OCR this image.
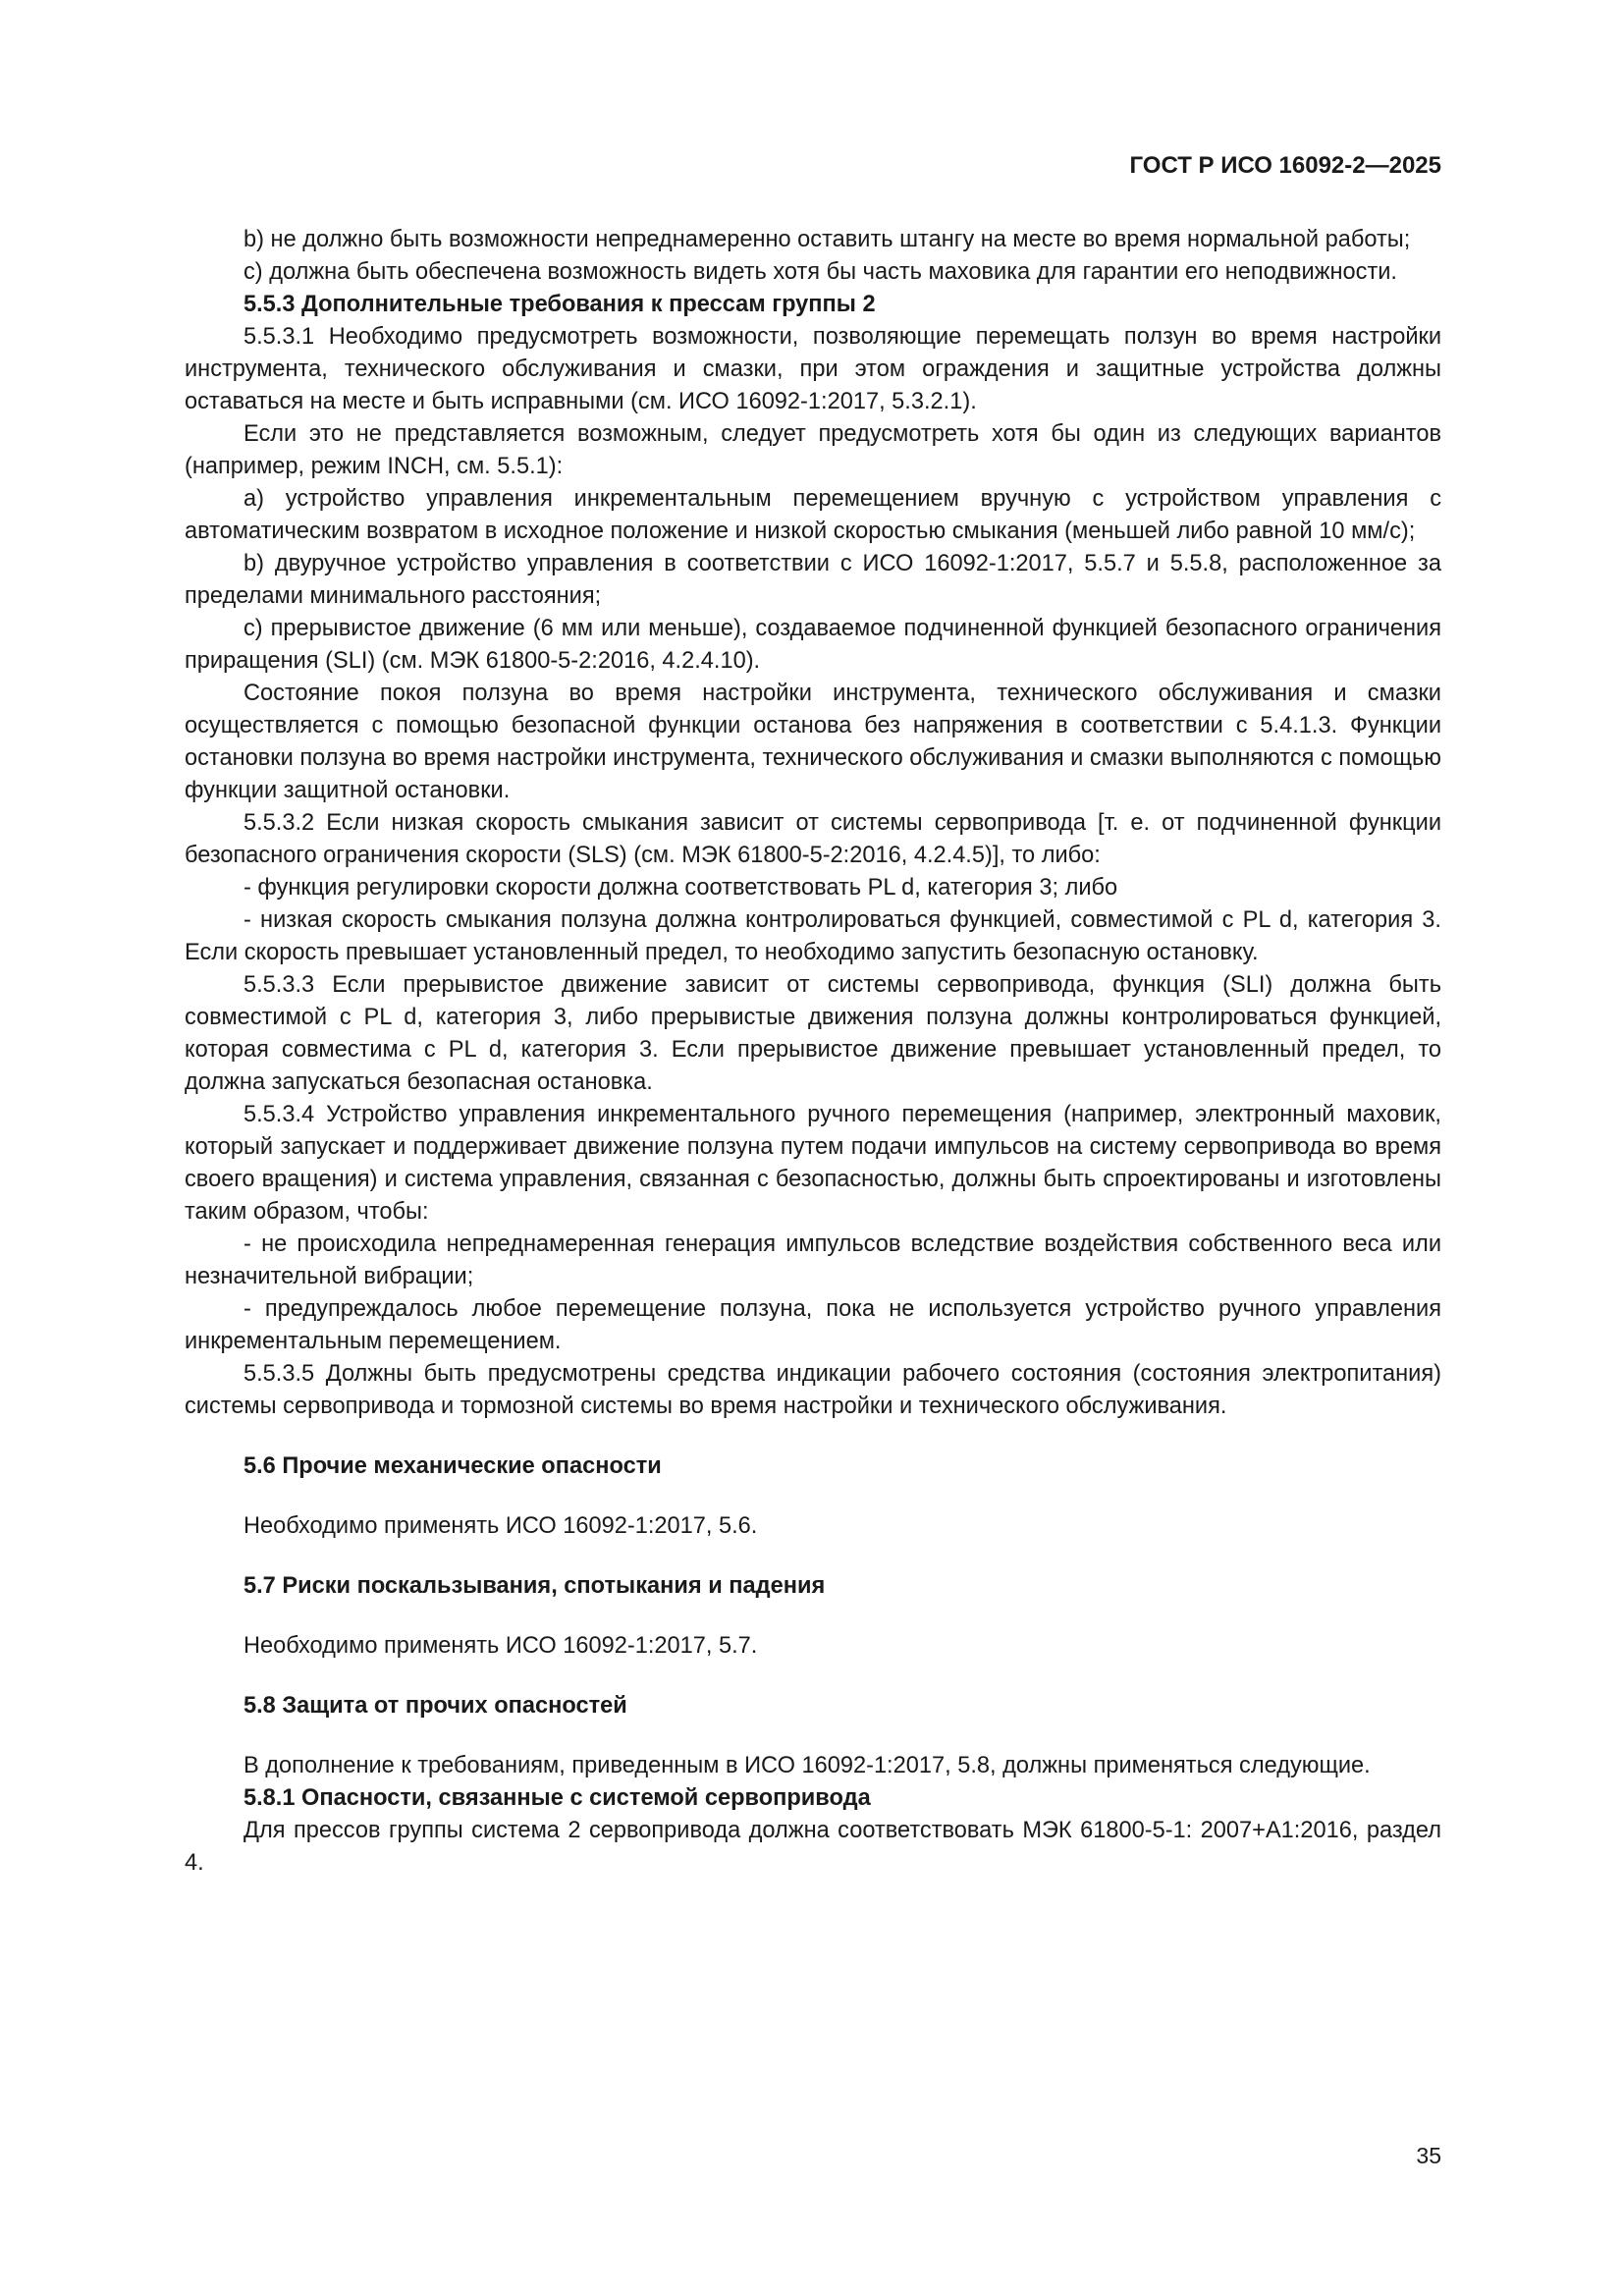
ГОСТ Р ИСО 16092-2—2025

b) не должно быть возможности непреднамеренно оставить штангу на месте во время нормальной работы;

c) должна быть обеспечена возможность видеть хотя бы часть маховика для гарантии его неподвижности.

5.5.3 Дополнительные требования к прессам группы 2

5.5.3.1 Необходимо предусмотреть возможности, позволяющие перемещать ползун во время настройки инструмента, технического обслуживания и смазки, при этом ограждения и защитные устройства должны оставаться на месте и быть исправными (см. ИСО 16092-1:2017, 5.3.2.1).

Если это не представляется возможным, следует предусмотреть хотя бы один из следующих вариантов (например, режим INCH, см. 5.5.1):

a) устройство управления инкрементальным перемещением вручную с устройством управления с автоматическим возвратом в исходное положение и низкой скоростью смыкания (меньшей либо равной 10 мм/с);

b) двуручное устройство управления в соответствии с ИСО 16092-1:2017, 5.5.7 и 5.5.8, расположенное за пределами минимального расстояния;

c) прерывистое движение (6 мм или меньше), создаваемое подчиненной функцией безопасного ограничения приращения (SLI) (см. МЭК 61800-5-2:2016, 4.2.4.10).

Состояние покоя ползуна во время настройки инструмента, технического обслуживания и смазки осуществляется с помощью безопасной функции останова без напряжения в соответствии с 5.4.1.3. Функции остановки ползуна во время настройки инструмента, технического обслуживания и смазки выполняются с помощью функции защитной остановки.

5.5.3.2 Если низкая скорость смыкания зависит от системы сервопривода [т. е. от подчиненной функции безопасного ограничения скорости (SLS) (см. МЭК 61800-5-2:2016, 4.2.4.5)], то либо:

- функция регулировки скорости должна соответствовать PL d, категория 3; либо

- низкая скорость смыкания ползуна должна контролироваться функцией, совместимой с PL d, категория 3. Если скорость превышает установленный предел, то необходимо запустить безопасную остановку.

5.5.3.3 Если прерывистое движение зависит от системы сервопривода, функция (SLI) должна быть совместимой с PL d, категория 3, либо прерывистые движения ползуна должны контролироваться функцией, которая совместима с PL d, категория 3. Если прерывистое движение превышает установленный предел, то должна запускаться безопасная остановка.

5.5.3.4 Устройство управления инкрементального ручного перемещения (например, электронный маховик, который запускает и поддерживает движение ползуна путем подачи импульсов на систему сервопривода во время своего вращения) и система управления, связанная с безопасностью, должны быть спроектированы и изготовлены таким образом, чтобы:

- не происходила непреднамеренная генерация импульсов вследствие воздействия собственного веса или незначительной вибрации;

- предупреждалось любое перемещение ползуна, пока не используется устройство ручного управления инкрементальным перемещением.

5.5.3.5 Должны быть предусмотрены средства индикации рабочего состояния (состояния электропитания) системы сервопривода и тормозной системы во время настройки и технического обслуживания.

5.6 Прочие механические опасности

Необходимо применять ИСО 16092-1:2017, 5.6.

5.7 Риски поскальзывания, спотыкания и падения

Необходимо применять ИСО 16092-1:2017, 5.7.

5.8 Защита от прочих опасностей

В дополнение к требованиям, приведенным в ИСО 16092-1:2017, 5.8, должны применяться следующие.

5.8.1 Опасности, связанные с системой сервопривода

Для прессов группы система 2 сервопривода должна соответствовать МЭК 61800-5-1: 2007+A1:2016, раздел 4.

35
